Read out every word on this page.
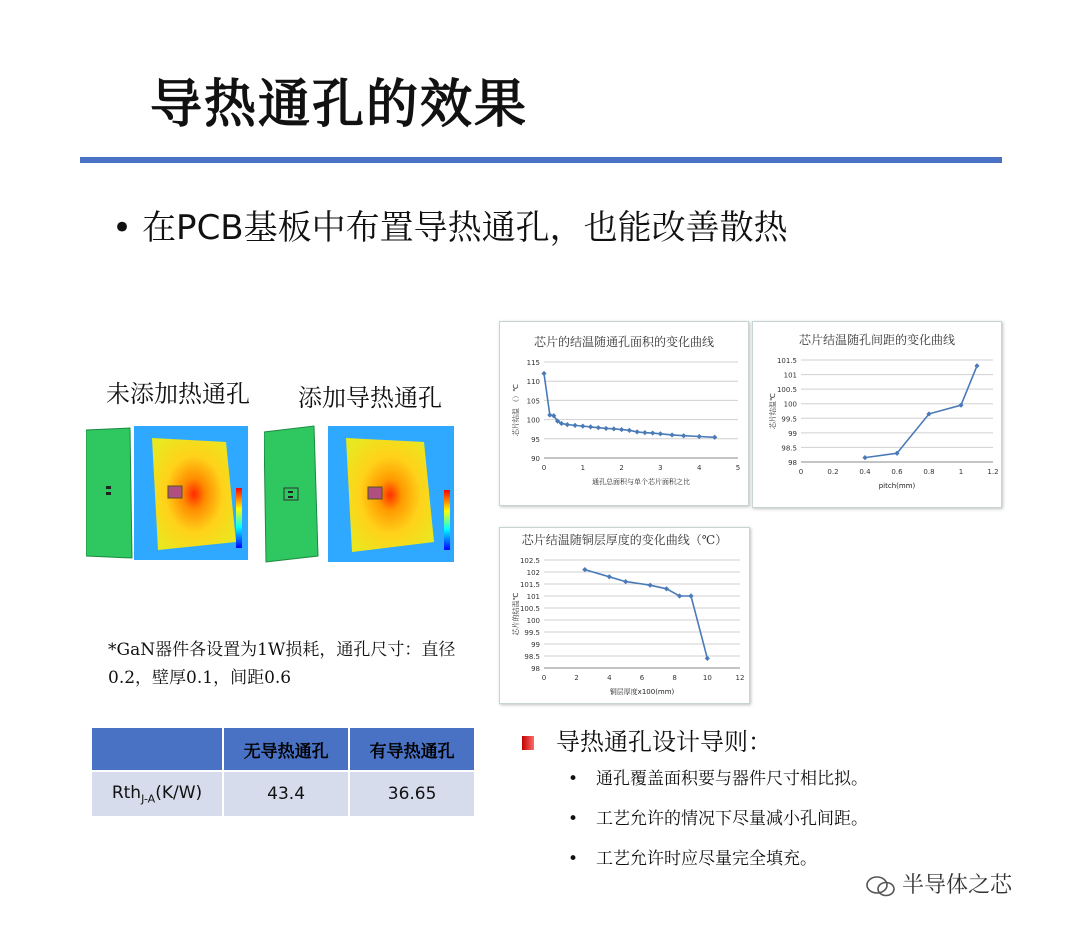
导热通孔的效果
• 在PCB基板中布置导热通孔，也能改善散热
未添加热通孔 添加导热通孔
*GaN器件各设置为1W损耗，通孔尺寸：直径0.2，壁厚0.1，间距0.6
	无导热通孔	有导热通孔
Rth$_{J-A}$(K/W)	43.4	36.65
芯片的结温随通孔面积的变化曲线
90
95
100
105
110
115
0	1	2	3	4	5
通孔总面积与单个芯片面积之比
芯片结温 （）℃
芯片结温随孔间距的变化曲线
98
98.5
99
99.5
100
100.5
101
101.5
0	0.2	0.4	0.6	0.8	1	1.2
pitch(mm)
芯片结温℃
芯片结温随铜层厚度的变化曲线（℃）
98
98.5
99
99.5
100
100.5
101
101.5
102
102.5
0	2	4	6	8	10	12
铜层厚度x100(mm)
芯片的结温℃
导热通孔设计导则：
• 通孔覆盖面积要与器件尺寸相比拟。
• 工艺允许的情况下尽量减小孔间距。
• 工艺允许时应尽量完全填充。
半导体之芯
